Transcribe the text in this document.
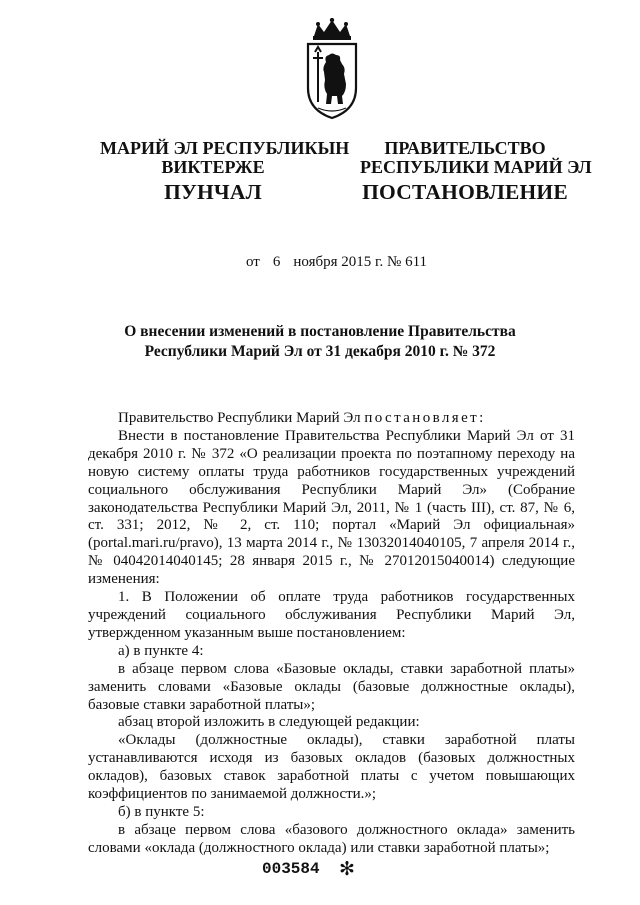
МАРИЙ ЭЛ РЕСПУБЛИКЫН
ВИКТЕРЖЕ
ПУНЧАЛ
ПРАВИТЕЛЬСТВО
РЕСПУБЛИКИ МАРИЙ ЭЛ
ПОСТАНОВЛЕНИЕ
от 6 ноября 2015 г. № 611
О внесении изменений в постановление Правительства
Республики Марий Эл от 31 декабря 2010 г. № 372

Правительство Республики Марий Эл постановляет:

Внести в постановление Правительства Республики Марий Эл от 31 декабря 2010 г. № 372 «О реализации проекта по поэтапному переходу на новую систему оплаты труда работников государственных учреждений социального обслуживания Республики Марий Эл» (Собрание законодательства Республики Марий Эл, 2011, № 1 (часть III), ст. 87, № 6, ст. 331; 2012, № 2, ст. 110; портал «Марий Эл официальная» (portal.mari.ru/pravo), 13 марта 2014 г., № 13032014040105, 7 апреля 2014 г., № 04042014040145; 28 января 2015 г., № 27012015040014) следующие изменения:

1. В Положении об оплате труда работников государственных учреждений социального обслуживания Республики Марий Эл, утвержденном указанным выше постановлением:

а) в пункте 4:

в абзаце первом слова «Базовые оклады, ставки заработной платы» заменить словами «Базовые оклады (базовые должностные оклады), базовые ставки заработной платы»;

абзац второй изложить в следующей редакции:

«Оклады (должностные оклады), ставки заработной платы устанавливаются исходя из базовых окладов (базовых должностных окладов), базовых ставок заработной платы с учетом повышающих коэффициентов по занимаемой должности.»;

б) в пункте 5:

в абзаце первом слова «базового должностного оклада» заменить словами «оклада (должностного оклада) или ставки заработной платы»;

003584 ✻
